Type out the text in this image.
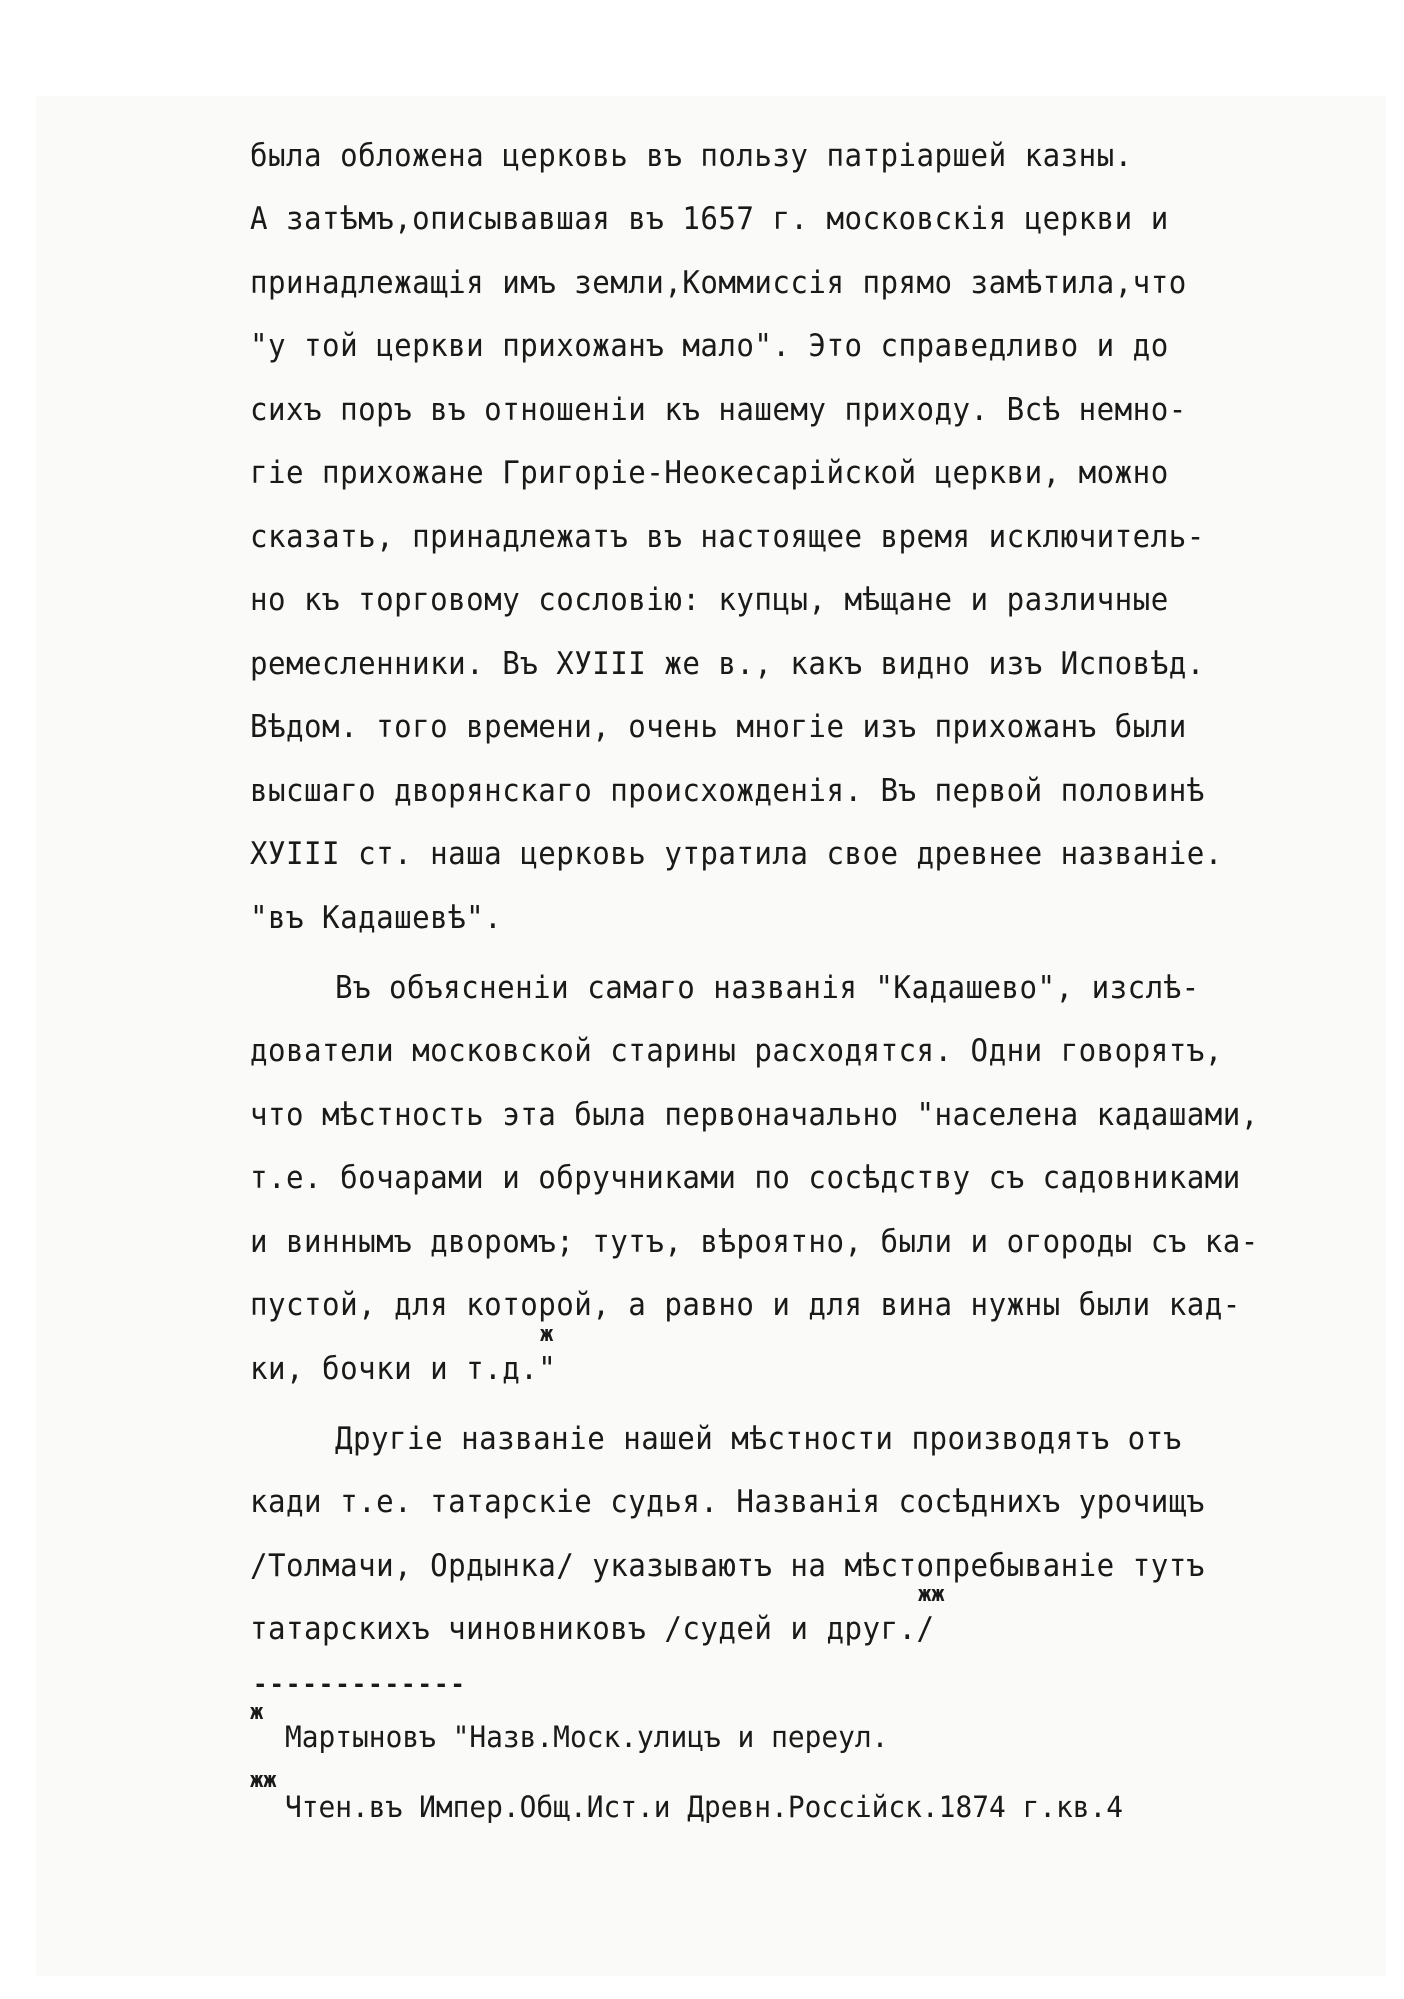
была обложена церковь въ пользу патріаршей казны.
А затѣмъ,описывавшая въ 1657 г. московскія церкви и
принадлежащія имъ земли,Коммиссія прямо замѣтила,что
"у той церкви прихожанъ мало". Это справедливо и до
сихъ поръ въ отношеніи къ нашему приходу. Всѣ немно-
гіе прихожане Григоріе-Неокесарійской церкви, можно
сказать, принадлежатъ въ настоящее время исключитель-
но къ торговому сословію: купцы, мѣщане и различные
ремесленники. Въ ХУIII же в., какъ видно изъ Исповѣд.
Вѣдом. того времени, очень многіе изъ прихожанъ были
высшаго дворянскаго происхожденія. Въ первой половинѣ
ХУIII ст. наша церковь утратила свое древнее названіе.
"въ Кадашевѣ".
Въ объясненіи самаго названія "Кадашево", изслѣ-
дователи московской старины расходятся. Одни говорятъ,
что мѣстность эта была первоначально "населена кадашами,
т.е. бочарами и обручниками по сосѣдству съ садовниками
и виннымъ дворомъ; тутъ, вѣроятно, были и огороды съ ка-
пустой, для которой, а равно и для вина нужны были кад-
ки, бочки и т.д."
ж
Другіе названіе нашей мѣстности производятъ отъ
кади т.е. татарскіе судья. Названія сосѣднихъ урочищъ
/Толмачи, Ордынка/ указываютъ на мѣстопребываніе тутъ
татарскихъ чиновниковъ /судей и друг./
жж
-------------
ж
Мартыновъ "Назв.Моск.улицъ и переул.
жж
Чтен.въ Импер.Общ.Ист.и Древн.Россійск.1874 г.кв.4
